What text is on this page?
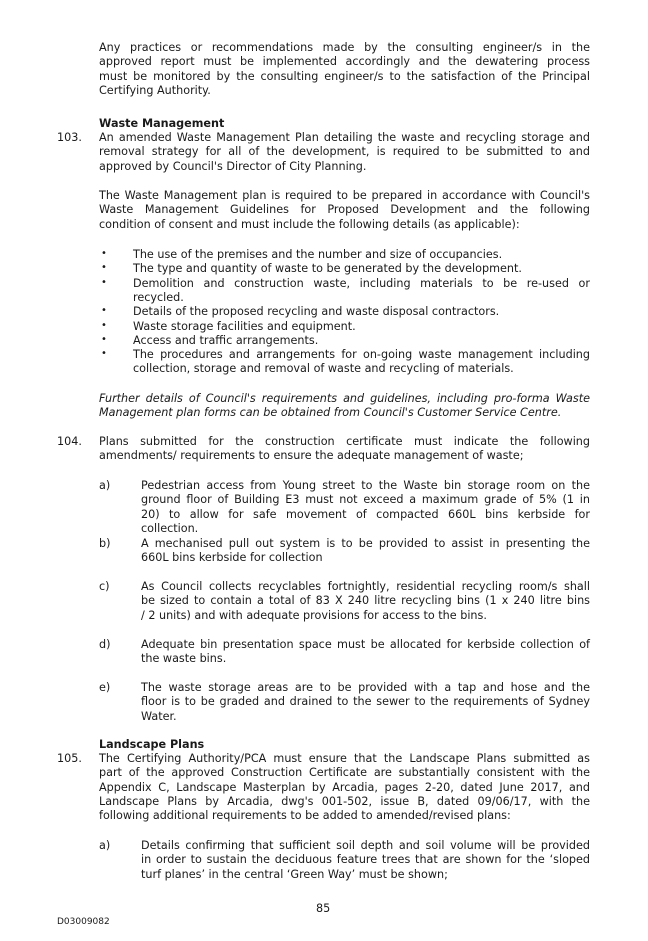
Any practices or recommendations made by the consulting engineer/s in the
approved report must be implemented accordingly and the dewatering process
must be monitored by the consulting engineer/s to the satisfaction of the Principal
Certifying Authority.
Waste Management
103. An amended Waste Management Plan detailing the waste and recycling storage and
removal strategy for all of the development, is required to be submitted to and
approved by Council's Director of City Planning.
The Waste Management plan is required to be prepared in accordance with Council's
Waste Management Guidelines for Proposed Development and the following
condition of consent and must include the following details (as applicable):
• The use of the premises and the number and size of occupancies.
• The type and quantity of waste to be generated by the development.
• Demolition and construction waste, including materials to be re-used or
recycled.
• Details of the proposed recycling and waste disposal contractors.
• Waste storage facilities and equipment.
• Access and traffic arrangements.
• The procedures and arrangements for on-going waste management including
collection, storage and removal of waste and recycling of materials.
Further details of Council's requirements and guidelines, including pro-forma Waste
Management plan forms can be obtained from Council's Customer Service Centre.
104. Plans submitted for the construction certificate must indicate the following
amendments/ requirements to ensure the adequate management of waste;
a)	Pedestrian access from Young street to the Waste bin storage room on the
ground floor of Building E3 must not exceed a maximum grade of 5% (1 in
20) to allow for safe movement of compacted 660L bins kerbside for
collection.
b)	A mechanised pull out system is to be provided to assist in presenting the
660L bins kerbside for collection
c)	As Council collects recyclables fortnightly, residential recycling room/s shall
be sized to contain a total of 83 X 240 litre recycling bins (1 x 240 litre bins
/ 2 units) and with adequate provisions for access to the bins.
d)	Adequate bin presentation space must be allocated for kerbside collection of
the waste bins.
e)	The waste storage areas are to be provided with a tap and hose and the
floor is to be graded and drained to the sewer to the requirements of Sydney
Water.
Landscape Plans
105. The Certifying Authority/PCA must ensure that the Landscape Plans submitted as
part of the approved Construction Certificate are substantially consistent with the
Appendix C, Landscape Masterplan by Arcadia, pages 2-20, dated June 2017, and
Landscape Plans by Arcadia, dwg's 001-502, issue B, dated 09/06/17, with the
following additional requirements to be added to amended/revised plans:
a)	Details confirming that sufficient soil depth and soil volume will be provided
in order to sustain the deciduous feature trees that are shown for the ‘sloped
turf planes’ in the central ‘Green Way’ must be shown;
85
D03009082
